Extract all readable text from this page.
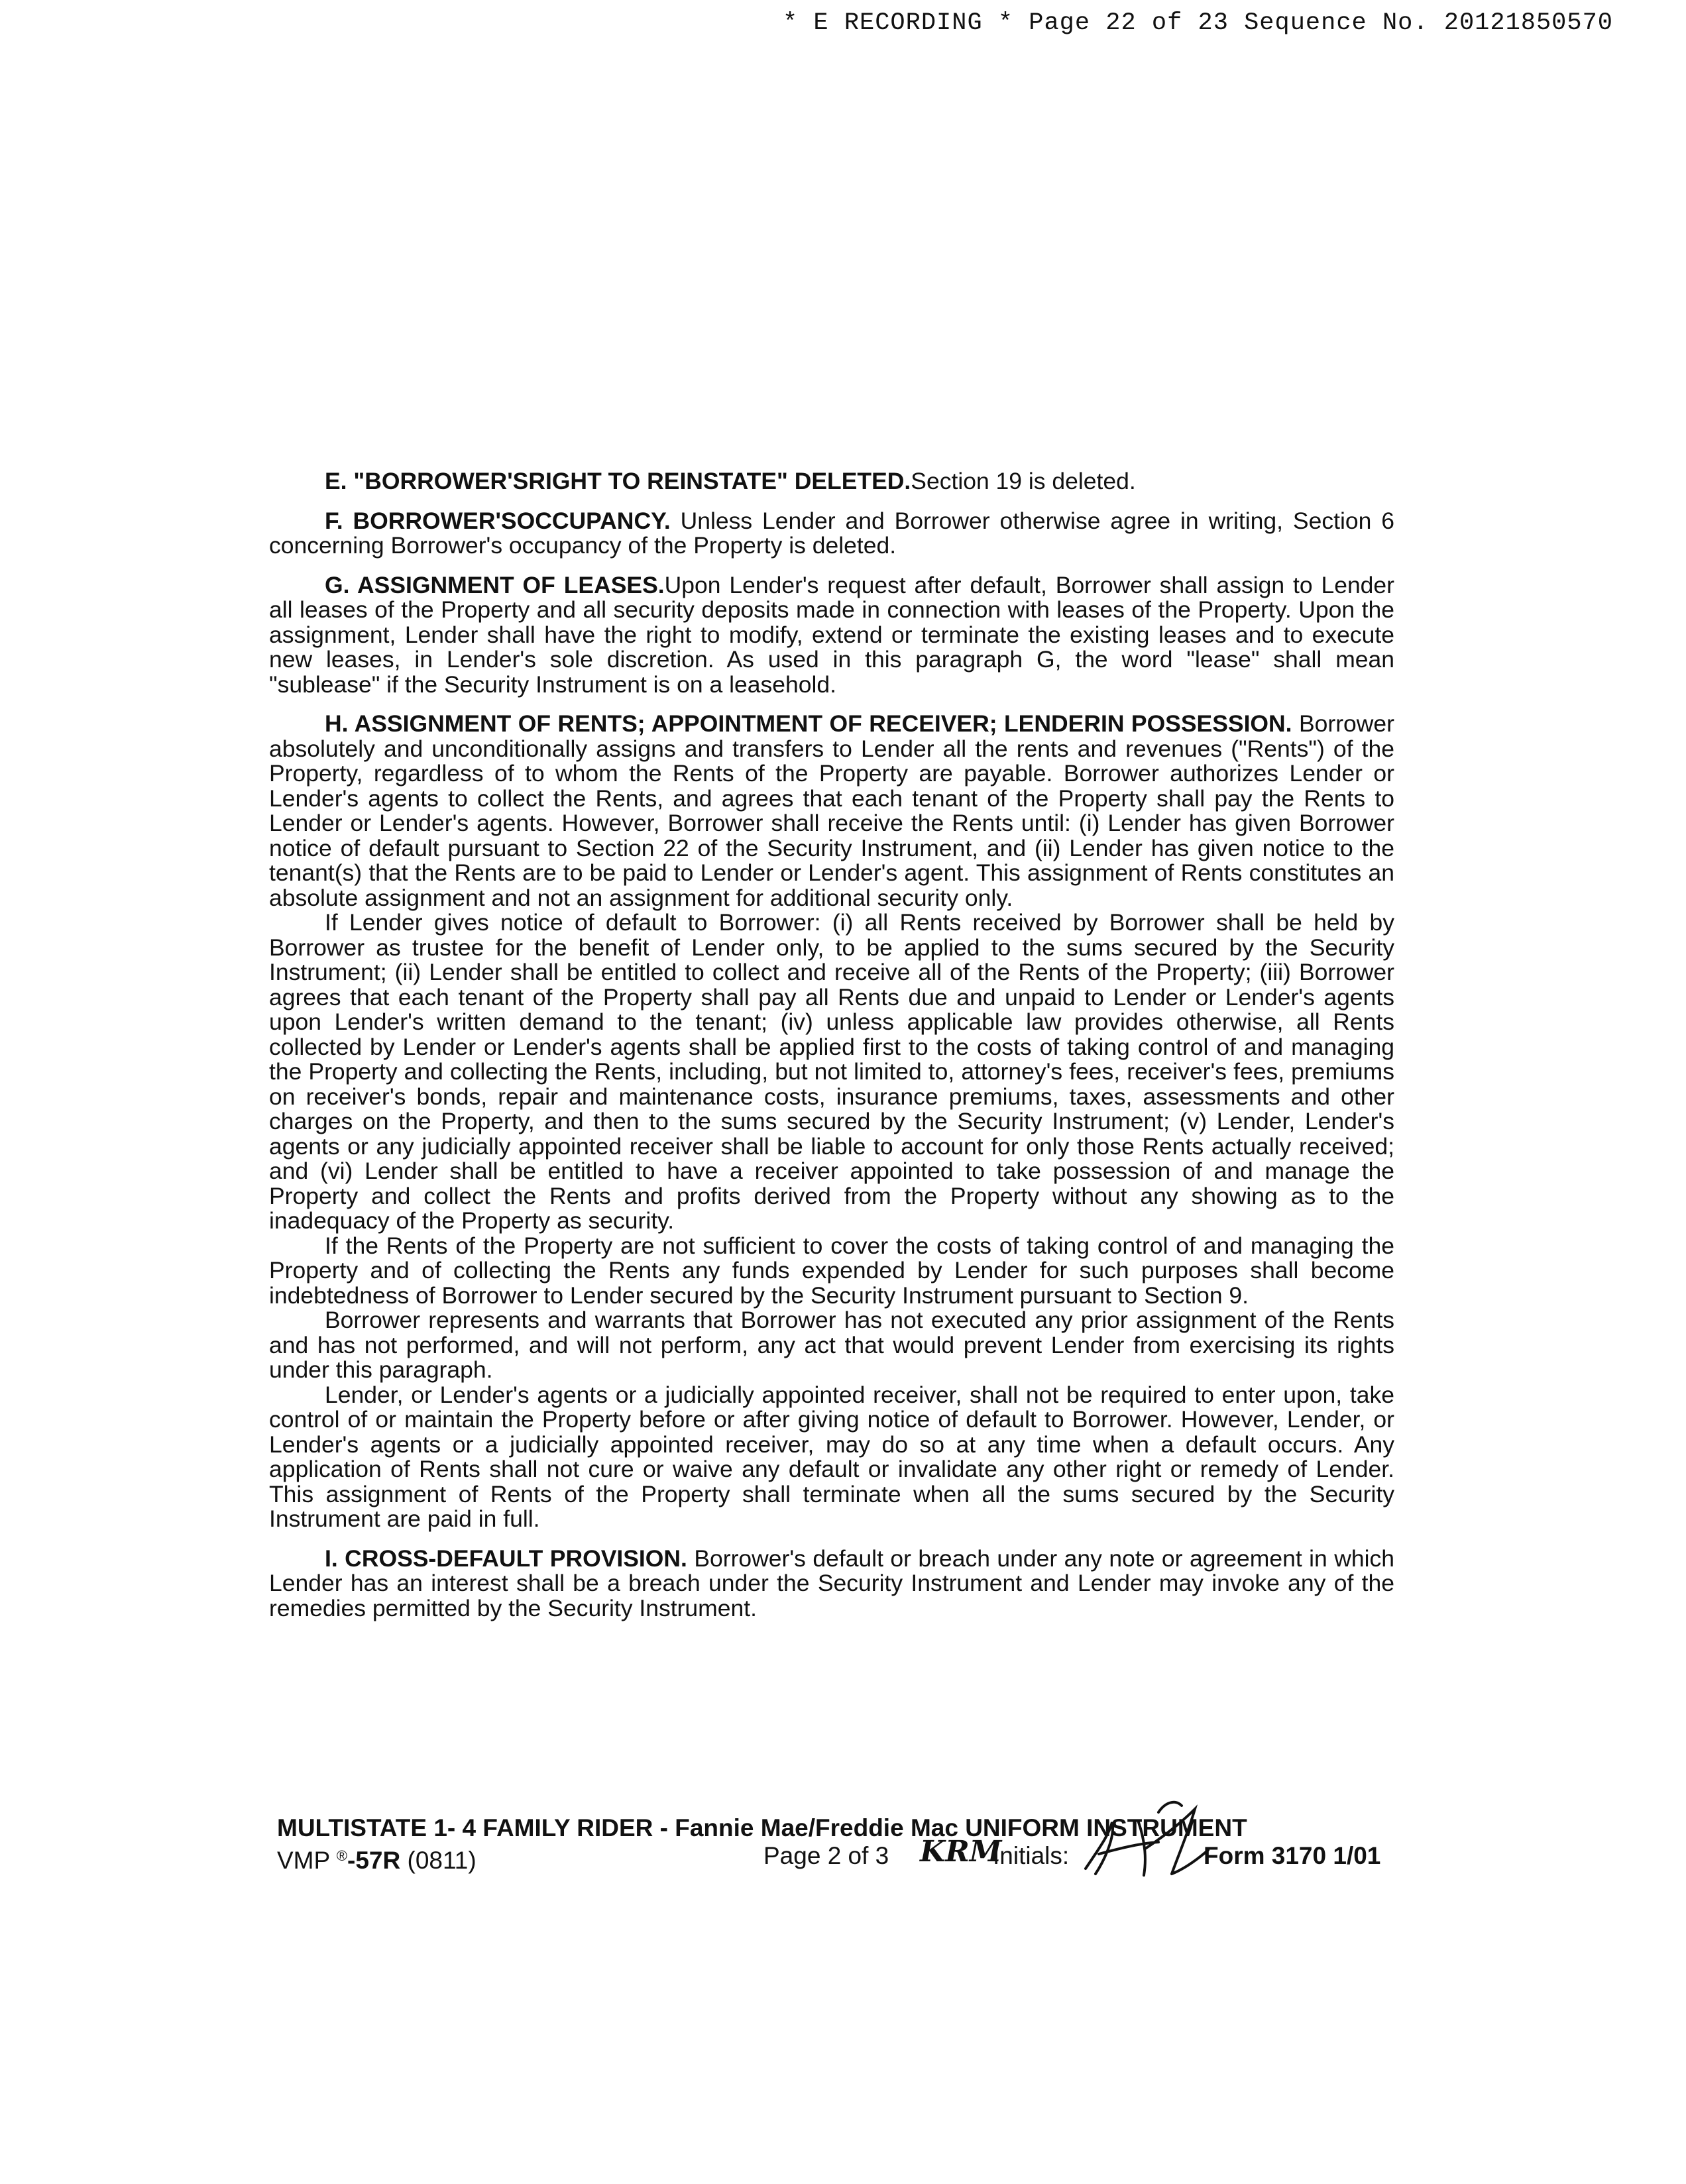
* E RECORDING * Page 22 of 23 Sequence No. 20121850570

E. "BORROWER'SRIGHT TO REINSTATE" DELETED.Section 19 is deleted.

F. BORROWER'SOCCUPANCY. Unless Lender and Borrower otherwise agree in writing, Section 6 concerning Borrower's occupancy of the Property is deleted.

G. ASSIGNMENT OF LEASES.Upon Lender's request after default, Borrower shall assign to Lender all leases of the Property and all security deposits made in connection with leases of the Property. Upon the assignment, Lender shall have the right to modify, extend or terminate the existing leases and to execute new leases, in Lender's sole discretion. As used in this paragraph G, the word "lease" shall mean "sublease" if the Security Instrument is on a leasehold.

H. ASSIGNMENT OF RENTS; APPOINTMENT OF RECEIVER; LENDERIN POSSESSION. Borrower absolutely and unconditionally assigns and transfers to Lender all the rents and revenues ("Rents") of the Property, regardless of to whom the Rents of the Property are payable. Borrower authorizes Lender or Lender's agents to collect the Rents, and agrees that each tenant of the Property shall pay the Rents to Lender or Lender's agents. However, Borrower shall receive the Rents until: (i) Lender has given Borrower notice of default pursuant to Section 22 of the Security Instrument, and (ii) Lender has given notice to the tenant(s) that the Rents are to be paid to Lender or Lender's agent. This assignment of Rents constitutes an absolute assignment and not an assignment for additional security only.

If Lender gives notice of default to Borrower: (i) all Rents received by Borrower shall be held by Borrower as trustee for the benefit of Lender only, to be applied to the sums secured by the Security Instrument; (ii) Lender shall be entitled to collect and receive all of the Rents of the Property; (iii) Borrower agrees that each tenant of the Property shall pay all Rents due and unpaid to Lender or Lender's agents upon Lender's written demand to the tenant; (iv) unless applicable law provides otherwise, all Rents collected by Lender or Lender's agents shall be applied first to the costs of taking control of and managing the Property and collecting the Rents, including, but not limited to, attorney's fees, receiver's fees, premiums on receiver's bonds, repair and maintenance costs, insurance premiums, taxes, assessments and other charges on the Property, and then to the sums secured by the Security Instrument; (v) Lender, Lender's agents or any judicially appointed receiver shall be liable to account for only those Rents actually received; and (vi) Lender shall be entitled to have a receiver appointed to take possession of and manage the Property and collect the Rents and profits derived from the Property without any showing as to the inadequacy of the Property as security.

If the Rents of the Property are not sufficient to cover the costs of taking control of and managing the Property and of collecting the Rents any funds expended by Lender for such purposes shall become indebtedness of Borrower to Lender secured by the Security Instrument pursuant to Section 9.

Borrower represents and warrants that Borrower has not executed any prior assignment of the Rents and has not performed, and will not perform, any act that would prevent Lender from exercising its rights under this paragraph.

Lender, or Lender's agents or a judicially appointed receiver, shall not be required to enter upon, take control of or maintain the Property before or after giving notice of default to Borrower. However, Lender, or Lender's agents or a judicially appointed receiver, may do so at any time when a default occurs. Any application of Rents shall not cure or waive any default or invalidate any other right or remedy of Lender. This assignment of Rents of the Property shall terminate when all the sums secured by the Security Instrument are paid in full.

I. CROSS-DEFAULT PROVISION. Borrower's default or breach under any note or agreement in which Lender has an interest shall be a breach under the Security Instrument and Lender may invoke any of the remedies permitted by the Security Instrument.

MULTISTATE 1- 4 FAMILY RIDER - Fannie Mae/Freddie Mac UNIFORM INSTRUMENT
VMP ®-57R (0811)	Page 2 of 3 KRM
Initials:	Form 3170 1/01
